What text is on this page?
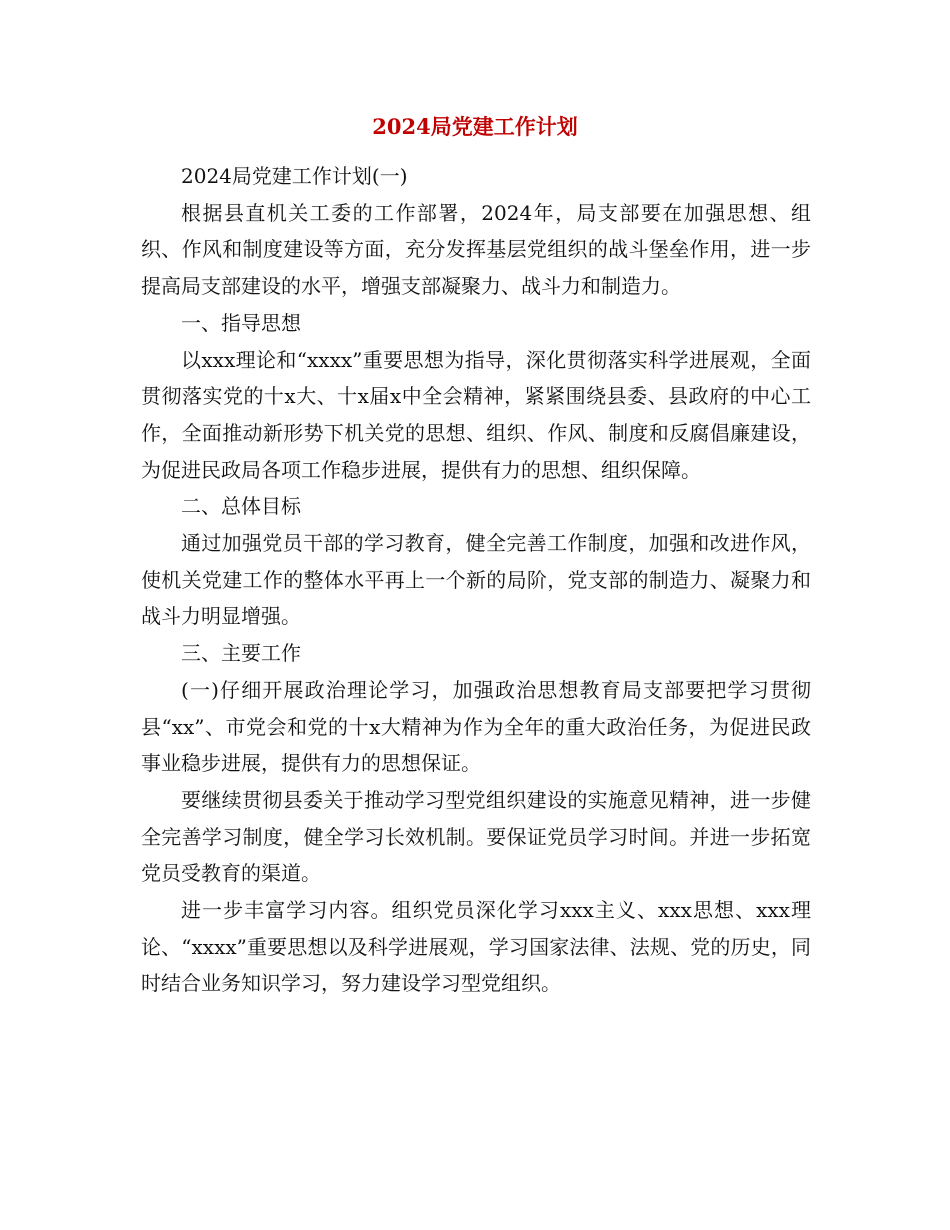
2024局党建工作计划

2024局党建工作计划(一)

根据县直机关工委的工作部署，2024年，局支部要在加强思想、组织、作风和制度建设等方面，充分发挥基层党组织的战斗堡垒作用，进一步提高局支部建设的水平，增强支部凝聚力、战斗力和制造力。

一、指导思想

以xxx理论和“xxxx”重要思想为指导，深化贯彻落实科学进展观，全面贯彻落实党的十x大、十x届x中全会精神，紧紧围绕县委、县政府的中心工作，全面推动新形势下机关党的思想、组织、作风、制度和反腐倡廉建设，为促进民政局各项工作稳步进展，提供有力的思想、组织保障。

二、总体目标

通过加强党员干部的学习教育，健全完善工作制度，加强和改进作风，使机关党建工作的整体水平再上一个新的局阶，党支部的制造力、凝聚力和战斗力明显增强。

三、主要工作

(一)仔细开展政治理论学习，加强政治思想教育局支部要把学习贯彻县“xx”、市党会和党的十x大精神为作为全年的重大政治任务，为促进民政事业稳步进展，提供有力的思想保证。

要继续贯彻县委关于推动学习型党组织建设的实施意见精神，进一步健全完善学习制度，健全学习长效机制。要保证党员学习时间。并进一步拓宽党员受教育的渠道。

进一步丰富学习内容。组织党员深化学习xxx主义、xxx思想、xxx理论、“xxxx”重要思想以及科学进展观，学习国家法律、法规、党的历史，同时结合业务知识学习，努力建设学习型党组织。
